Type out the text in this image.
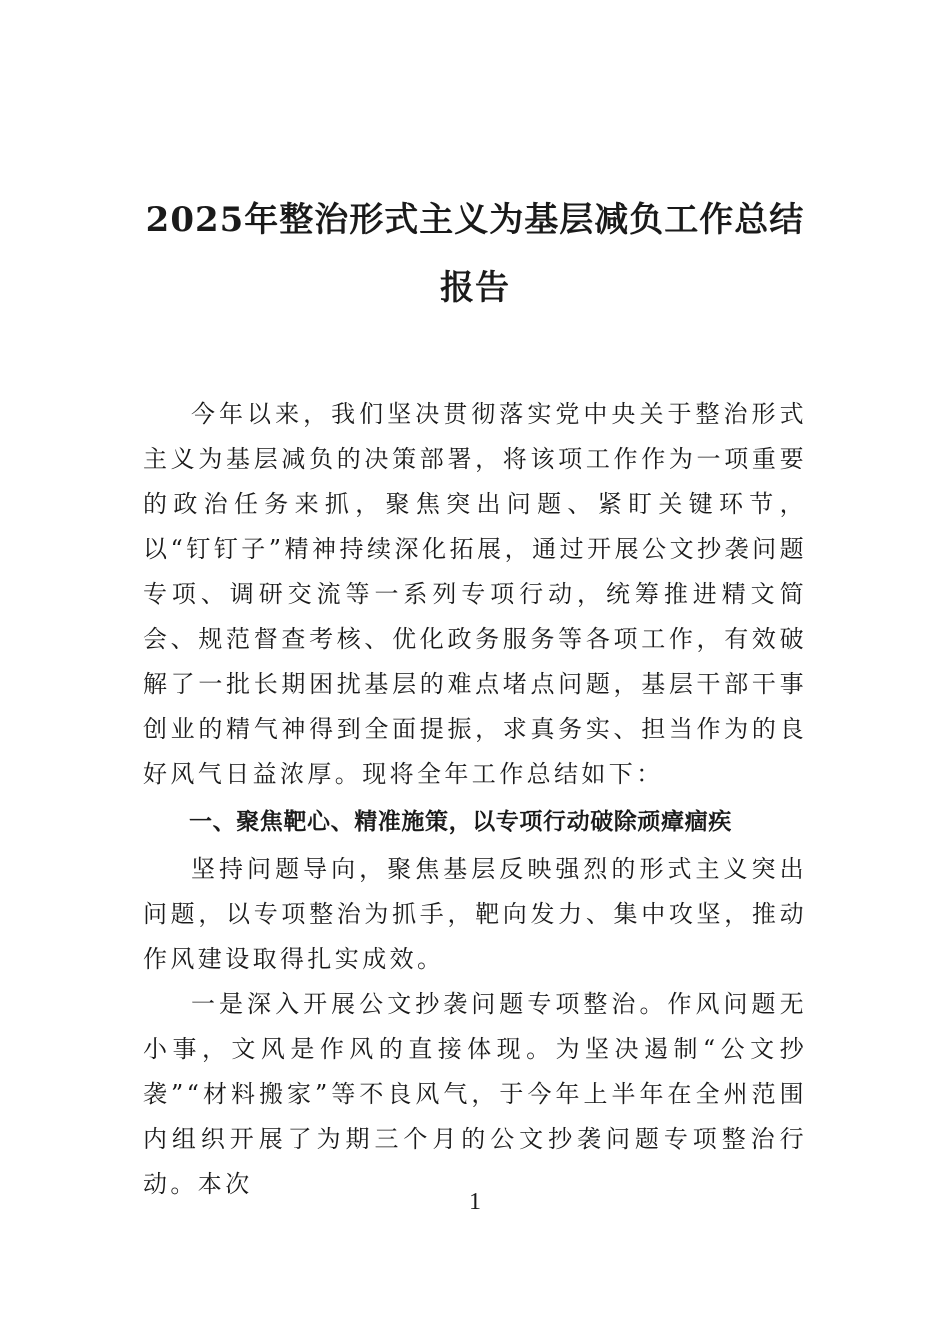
2025年整治形式主义为基层减负工作总结
报告

今年以来，我们坚决贯彻落实党中央关于整治形式主义为基层减负的决策部署，将该项工作作为一项重要的政治任务来抓，聚焦突出问题、紧盯关键环节，以“钉钉子”精神持续深化拓展，通过开展公文抄袭问题专项、调研交流等一系列专项行动，统筹推进精文简会、规范督查考核、优化政务服务等各项工作，有效破解了一批长期困扰基层的难点堵点问题，基层干部干事创业的精气神得到全面提振，求真务实、担当作为的良好风气日益浓厚。现将全年工作总结如下：

一、聚焦靶心、精准施策，以专项行动破除顽瘴痼疾

坚持问题导向，聚焦基层反映强烈的形式主义突出问题，以专项整治为抓手，靶向发力、集中攻坚，推动作风建设取得扎实成效。

一是深入开展公文抄袭问题专项整治。作风问题无小事，文风是作风的直接体现。为坚决遏制“公文抄袭”“材料搬家”等不良风气，于今年上半年在全州范围内组织开展了为期三个月的公文抄袭问题专项整治行动。本次

1
